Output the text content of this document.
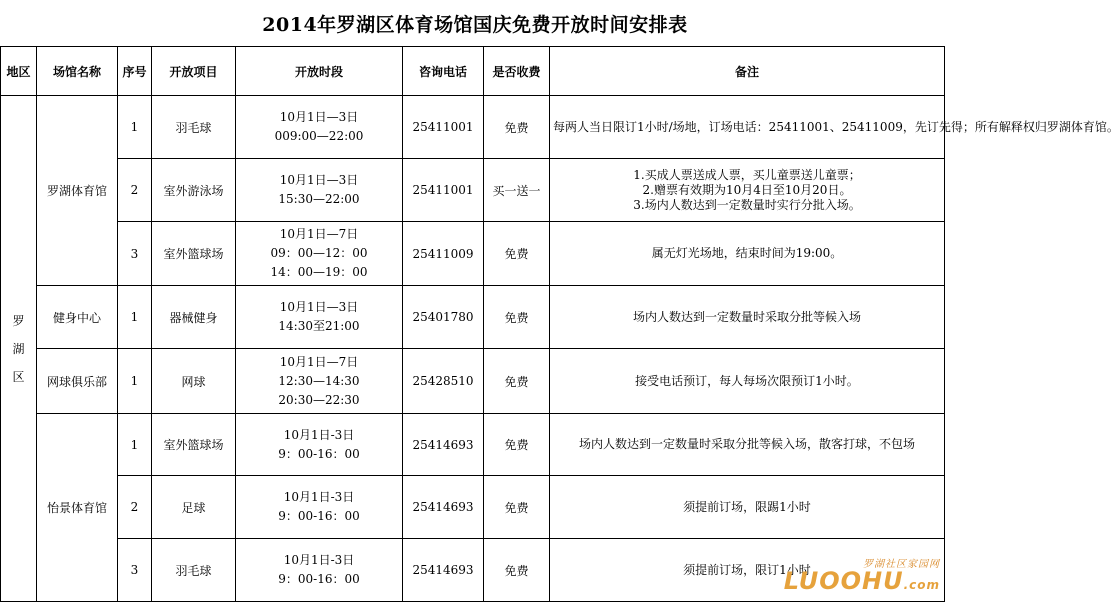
2014年罗湖区体育场馆国庆免费开放时间安排表
地区	场馆名称	序号	开放项目	开放时段	咨询电话	是否收费	备注

罗
湖
区	罗湖体育馆	1	羽毛球	10月1日—3日
009:00—22:00	25411001	免费	每两人当日限订1小时/场地，订场电话：25411001、25411009，先订先得；所有解释权归罗湖体育馆。
		2	室外游泳场	10月1日—3日
15:30—22:00	25411001	买一送一	1.买成人票送成人票，买儿童票送儿童票；
2.赠票有效期为10月4日至10月20日。
3.场内人数达到一定数量时实行分批入场。

		3	室外篮球场	10月1日—7日
09：00—12：00
14：00—19：00	25411009	免费	属无灯光场地，结束时间为19:00。
	健身中心	1	器械健身	10月1日—3日
14:30至21:00	25401780	免费	场内人数达到一定数量时采取分批等候入场
	网球俱乐部	1	网球	10月1日—7日
12:30—14:30
20:30—22:30	25428510	免费	接受电话预订，每人每场次限预订1小时。
	怡景体育馆	1	室外篮球场	10月1日-3日
9：00-16：00	25414693	免费	场内人数达到一定数量时采取分批等候入场，散客打球，不包场
		2	足球	10月1日-3日
9：00-16：00	25414693	免费	须提前订场，限踢1小时
		3	羽毛球	10月1日-3日
9：00-16：00	25414693	免费	须提前订场，限订1小时	罗湖社区家园网
LUOOHU.com
